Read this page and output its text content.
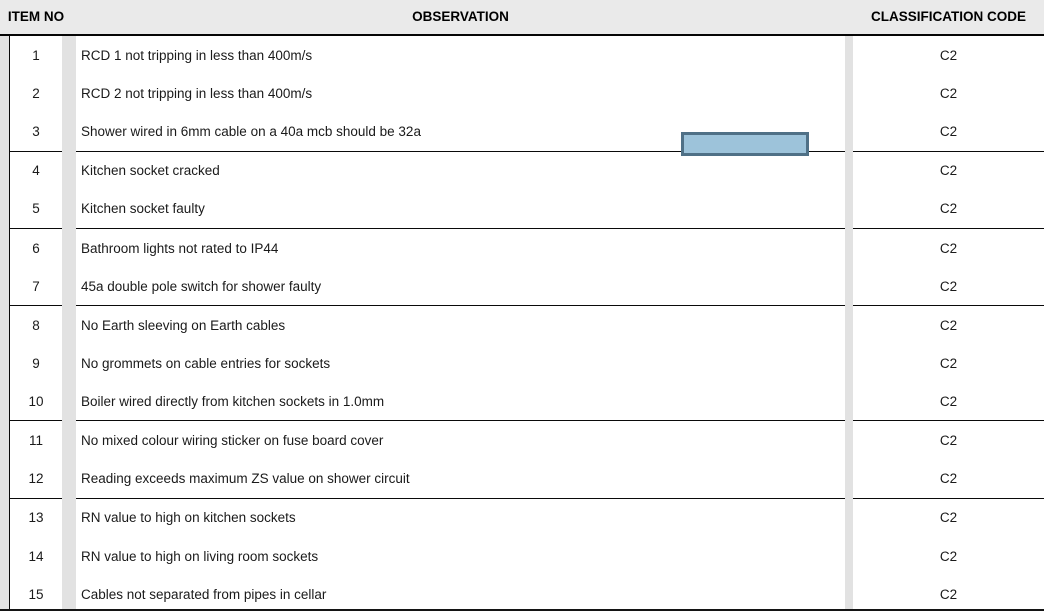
ITEM NO	OBSERVATION	CLASSIFICATION CODE
1	RCD 1 not tripping in less than 400m/s	C2
2	RCD 2 not tripping in less than 400m/s	C2
3	Shower wired in 6mm cable on a 40a mcb should be 32a	C2
4	Kitchen socket cracked	C2
5	Kitchen socket faulty	C2
6	Bathroom lights not rated to IP44	C2
7	45a double pole switch for shower faulty	C2
8	No Earth sleeving on Earth cables	C2
9	No grommets on cable entries for sockets	C2
10	Boiler wired directly from kitchen sockets in 1.0mm	C2
11	No mixed colour wiring sticker on fuse board cover	C2
12	Reading exceeds maximum ZS value on shower circuit	C2
13	RN value to high on kitchen sockets	C2
14	RN value to high on living room sockets	C2
15	Cables not separated from pipes in cellar	C2
